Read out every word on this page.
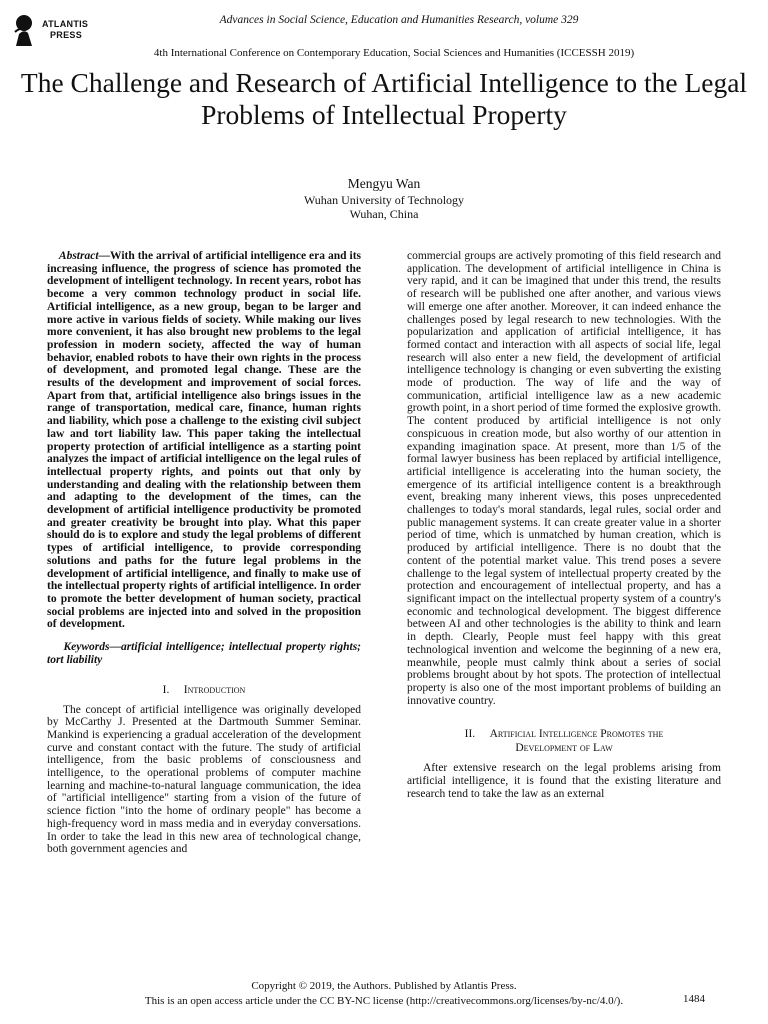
ATLANTIS
PRESS
Advances in Social Science, Education and Humanities Research, volume 329
4th International Conference on Contemporary Education, Social Sciences and Humanities (ICCESSH 2019)
The Challenge and Research of Artificial Intelligence to the Legal Problems of Intellectual Property
Mengyu Wan
Wuhan University of Technology
Wuhan, China

Abstract—With the arrival of artificial intelligence era and its increasing influence, the progress of science has promoted the development of intelligent technology. In recent years, robot has become a very common technology product in social life. Artificial intelligence, as a new group, began to be larger and more active in various fields of society. While making our lives more convenient, it has also brought new problems to the legal profession in modern society, affected the way of human behavior, enabled robots to have their own rights in the process of development, and promoted legal change. These are the results of the development and improvement of social forces. Apart from that, artificial intelligence also brings issues in the range of transportation, medical care, finance, human rights and liability, which pose a challenge to the existing civil subject law and tort liability law. This paper taking the intellectual property protection of artificial intelligence as a starting point analyzes the impact of artificial intelligence on the legal rules of intellectual property rights, and points out that only by understanding and dealing with the relationship between them and adapting to the development of the times, can the development of artificial intelligence productivity be promoted and greater creativity be brought into play. What this paper should do is to explore and study the legal problems of different types of artificial intelligence, to provide corresponding solutions and paths for the future legal problems in the development of artificial intelligence, and finally to make use of the intellectual property rights of artificial intelligence. In order to promote the better development of human society, practical social problems are injected into and solved in the proposition of development.

Keywords—artificial intelligence; intellectual property rights; tort liability

I. Introduction

The concept of artificial intelligence was originally developed by McCarthy J. Presented at the Dartmouth Summer Seminar. Mankind is experiencing a gradual acceleration of the development curve and constant contact with the future. The study of artificial intelligence, from the basic problems of consciousness and intelligence, to the operational problems of computer machine learning and machine-to-natural language communication, the idea of "artificial intelligence" starting from a vision of the future of science fiction "into the home of ordinary people" has become a high-frequency word in mass media and in everyday conversations. In order to take the lead in this new area of technological change, both government agencies and

commercial groups are actively promoting of this field research and application. The development of artificial intelligence in China is very rapid, and it can be imagined that under this trend, the results of research will be published one after another, and various views will emerge one after another. Moreover, it can indeed enhance the challenges posed by legal research to new technologies. With the popularization and application of artificial intelligence, it has formed contact and interaction with all aspects of social life, legal research will also enter a new field, the development of artificial intelligence technology is changing or even subverting the existing mode of production. The way of life and the way of communication, artificial intelligence law as a new academic growth point, in a short period of time formed the explosive growth. The content produced by artificial intelligence is not only conspicuous in creation mode, but also worthy of our attention in expanding imagination space. At present, more than 1/5 of the formal lawyer business has been replaced by artificial intelligence, artificial intelligence is accelerating into the human society, the emergence of its artificial intelligence content is a breakthrough event, breaking many inherent views, this poses unprecedented challenges to today's moral standards, legal rules, social order and public management systems. It can create greater value in a shorter period of time, which is unmatched by human creation, which is produced by artificial intelligence. There is no doubt that the content of the potential market value. This trend poses a severe challenge to the legal system of intellectual property created by the protection and encouragement of intellectual property, and has a significant impact on the intellectual property system of a country's economic and technological development. The biggest difference between AI and other technologies is the ability to think and learn in depth. Clearly, People must feel happy with this great technological invention and welcome the beginning of a new era, meanwhile, people must calmly think about a series of social problems brought about by hot spots. The protection of intellectual property is also one of the most important problems of building an innovative country.

II. Artificial Intelligence Promotes the
Development of Law

After extensive research on the legal problems arising from artificial intelligence, it is found that the existing literature and research tend to take the law as an external

Copyright © 2019, the Authors. Published by Atlantis Press.
This is an open access article under the CC BY-NC license (http://creativecommons.org/licenses/by-nc/4.0/).	1484
